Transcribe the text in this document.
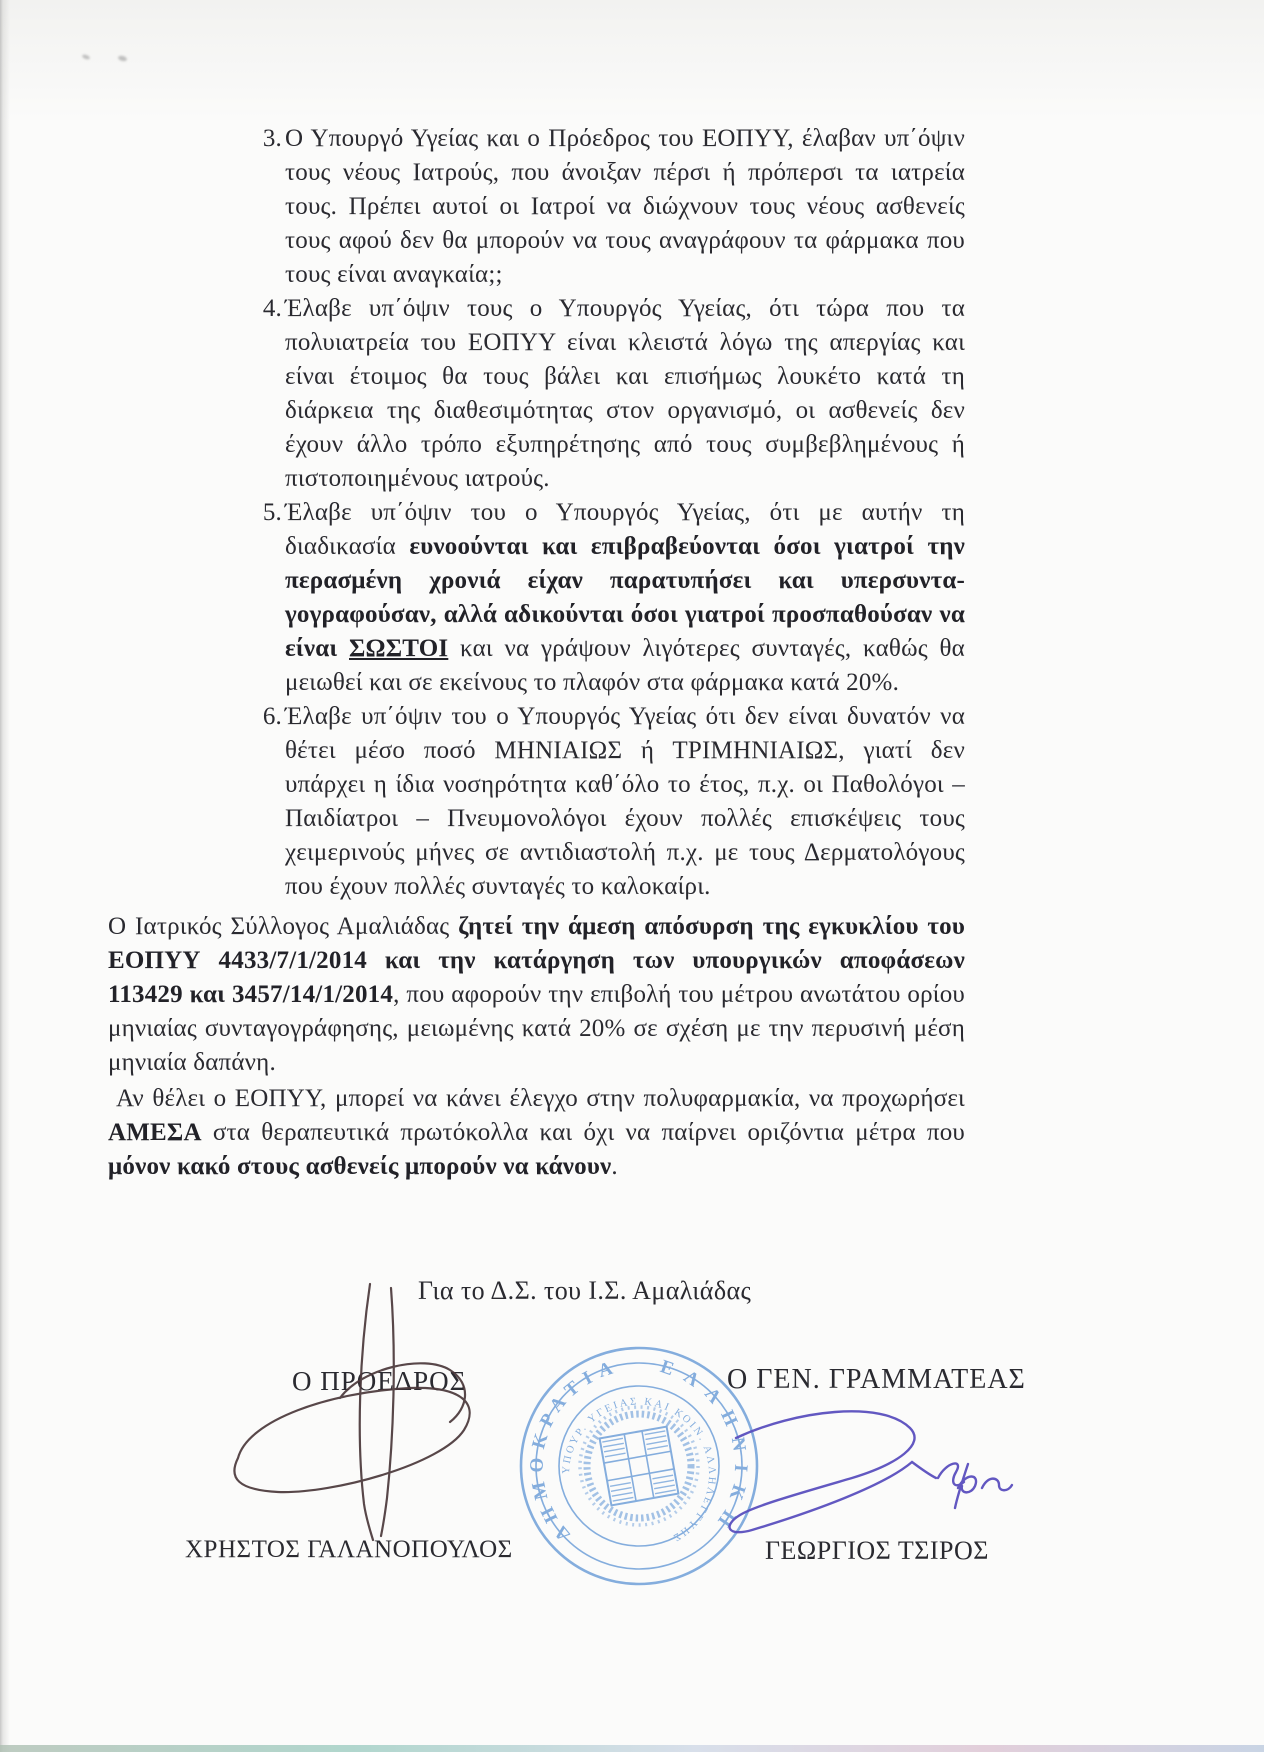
3. Ο Υπουργό Υγείας και ο Πρόεδρος του ΕΟΠΥΥ, έλαβαν υπ΄όψιν τους νέους Ιατρούς, που άνοιξαν πέρσι ή πρόπερσι τα ιατρεία τους. Πρέπει αυτοί οι Ιατροί να διώχνουν τους νέους ασθενείς τους αφού δεν θα μπορούν να τους αναγράφουν τα φάρμακα που τους είναι αναγκαία;;
4. Έλαβε υπ΄όψιν τους ο Υπουργός Υγείας, ότι τώρα που τα πολυιατρεία του ΕΟΠΥΥ είναι κλειστά λόγω της απεργίας και είναι έτοιμος θα τους βάλει και επισήμως λουκέτο κατά τη διάρκεια της διαθεσιμότητας στον οργανισμό, οι ασθενείς δεν έχουν άλλο τρόπο εξυπηρέτησης από τους συμβεβλημένους ή πιστοποιημένους ιατρούς.
5. Έλαβε υπ΄όψιν του ο Υπουργός Υγείας, ότι με αυτήν τη διαδικασία ευνοούνται και επιβραβεύονται όσοι γιατροί την περασμένη χρονιά είχαν παρατυπήσει και υπερσυντα-γογραφούσαν, αλλά αδικούνται όσοι γιατροί προσπαθούσαν να είναι ΣΩΣΤΟΙ και να γράψουν λιγότερες συνταγές, καθώς θα μειωθεί και σε εκείνους το πλαφόν στα φάρμακα κατά 20%.
6. Έλαβε υπ΄όψιν του ο Υπουργός Υγείας ότι δεν είναι δυνατόν να θέτει μέσο ποσό ΜΗΝΙΑΙΩΣ ή ΤΡΙΜΗΝΙΑΙΩΣ, γιατί δεν υπάρχει η ίδια νοσηρότητα καθ΄όλο το έτος, π.χ. οι Παθολόγοι – Παιδίατροι – Πνευμονολόγοι έχουν πολλές επισκέψεις τους χειμερινούς μήνες σε αντιδιαστολή π.χ. με τους Δερματολόγους που έχουν πολλές συνταγές το καλοκαίρι.
Ο Ιατρικός Σύλλογος Αμαλιάδας ζητεί την άμεση απόσυρση της εγκυκλίου του ΕΟΠΥΥ 4433/7/1/2014 και την κατάργηση των υπουργικών αποφάσεων 113429 και 3457/14/1/2014, που αφορούν την επιβολή του μέτρου ανωτάτου ορίου μηνιαίας συνταγογράφησης, μειωμένης κατά 20% σε σχέση με την περυσινή μέση μηνιαία δαπάνη.
Αν θέλει ο ΕΟΠΥΥ, μπορεί να κάνει έλεγχο στην πολυφαρμακία, να προχωρήσει ΑΜΕΣΑ στα θεραπευτικά πρωτόκολλα και όχι να παίρνει οριζόντια μέτρα που μόνον κακό στους ασθενείς μπορούν να κάνουν.
Για το Δ.Σ. του Ι.Σ. Αμαλιάδας
Ο ΠΡΟΕΔΡΟΣ	Ο ΓΕΝ. ΓΡΑΜΜΑΤΕΑΣ
ΧΡΗΣΤΟΣ ΓΑΛΑΝΟΠΟΥΛΟΣ	ΓΕΩΡΓΙΟΣ ΤΣΙΡΟΣ
ΔΗΜΟΚΡΑΤΙΑ ΕΛΛΗΝΙΚΗ
ΥΠΟΥΡ. ΥΓΕΙΑΣ ΚΑΙ ΚΟΙΝ. ΑΛΛΗΛΕΓΓΥΗΣ
